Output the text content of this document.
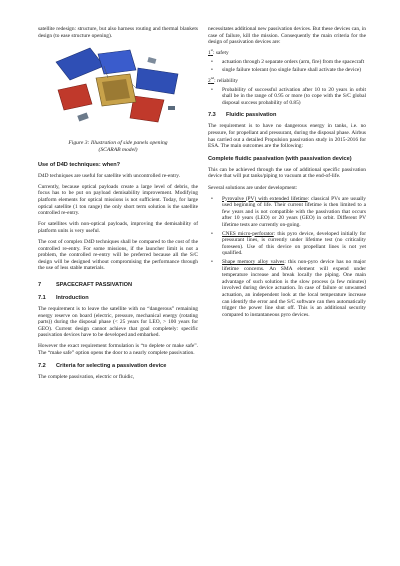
satellite redesign: structure, but also harness routing and thermal blankets design (to ease structure opening).

Figure 3: Illustration of side panels opening
(SCARAB model)
Use of D4D techniques: when?

D4D techniques are useful for satellite with uncontrolled re-entry.

Currently, because optical payloads create a large level of debris, the focus has to be put on payload demisability improvement. Modifying platform elements for optical missions is not sufficient. Today, for large optical satellite (1 ton range) the only short term solution is the satellite controlled re-entry.

For satellites with non-optical payloads, improving the demisability of platform units is very useful.

The cost of complex D4D techniques shall be compared to the cost of the controlled re-entry. For some missions, if the launcher limit is not a problem, the controlled re-entry will be preferred because all the S/C design will be designed without compromising the performance through the use of less stable materials.

7	SPACECRAFT PASSIVATION
7.1 Introduction

The requirement is to leave the satellite with no “dangerous” remaining energy reserve on board (electric, pressure, mechanical energy (rotating parts)) during the disposal phase (< 25 years for LEO, > 100 years for GEO). Current design cannot achieve that goal completely: specific passivation devices have to be developed and embarked.

However the exact requirement formulation is “to deplete or make safe”. The “make safe” option opens the door to a nearly complete passivation.

7.2 Criteria for selecting a passivation device

The complete passivation, electric or fluidic,

necessitates additional new passivation devices. But these devices can, in case of failure, kill the mission. Consequently the main criteria for the design of passivation devices are:

1st: safety
• actuation through 2 separate orders (arm, fire) from the spacecraft
• single failure tolerant (no single failure shall activate the device)
2nd: reliability
• Probability of successful activation after 10 to 20 years in orbit shall be in the range of 0.95 or more (to cope with the S/C global disposal success probability of 0.85)
7.3 Fluidic passivation

The requirement is to have no dangerous energy in tanks, i.e. no pressure, for propellant and pressurant, during the disposal phase. Airbus has carried out a detailed Propulsion passivation study in 2015-2016 for ESA. The main outcomes are the following:

Complete fluidic passivation (with passivation device)

This can be achieved through the use of additional specific passivation device that will put tanks/piping to vacuum at the end-of-life.

Several solutions are under development:

• Pyrovalve (PV) with extended lifetime: classical PVs are usually used beginning of life. Their current lifetime is then limited to a few years and is not compatible with the passivation that occurs after 10 years (LEO) or 20 years (GEO) in orbit. Different PV lifetime tests are currently on-going.
• CNES micro-perforator: this pyro device, developed initially for pressurant lines, is currently under lifetime test (no criticality foreseen). Use of this device on propellant lines is not yet qualified.
• Shape memory alloy valves: this non-pyro device has no major lifetime concerns. An SMA element will expend under temperature increase and break locally the piping. One main advantage of such solution is the slow process (a few minutes) involved during device actuation. In case of failure or unwanted actuation, an independent look at the local temperature increase can identify the error and the S/C software can then automatically trigger the power line shut off. This is an additional security compared to instantaneous pyro devices.
